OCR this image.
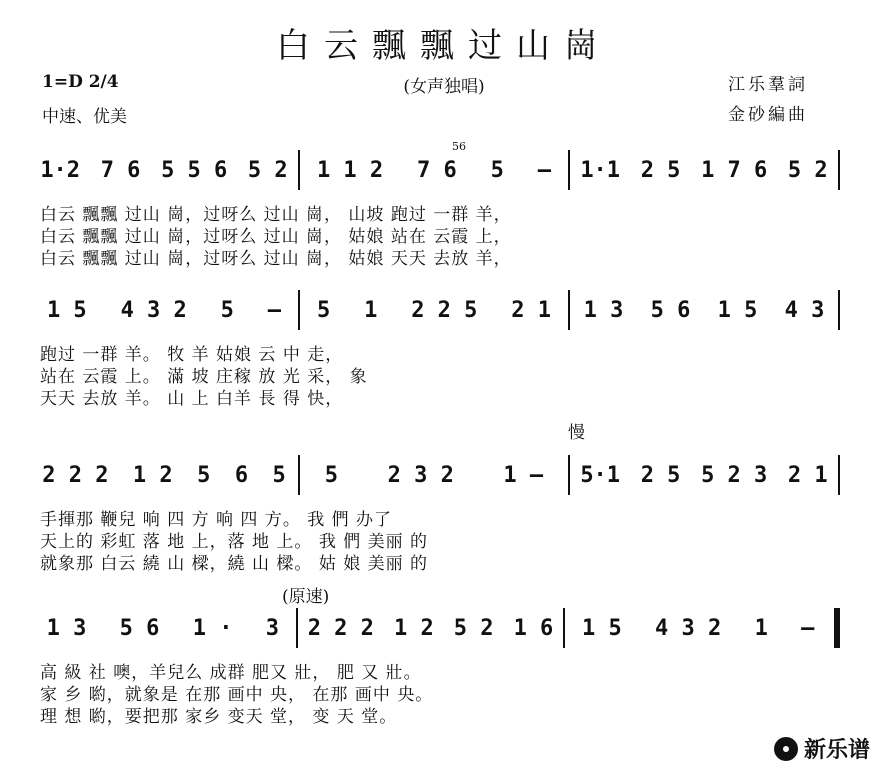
白云飄飄过山崗
(女声独唱)
1=D 2/4
中速、优美
江乐羣詞
金砂編曲
慢
(原速)
56
1·2 7 6 5 5 6 5 2 1 1 2 7 6 5 — 1·1 2 5 1 7 6 5 2
白云 飄飄 过山 崗，过呀么 过山 崗， 山坡 跑过 一群 羊，
白云 飄飄 过山 崗，过呀么 过山 崗， 姑娘 站在 云霞 上，
白云 飄飄 过山 崗，过呀么 过山 崗， 姑娘 天天 去放 羊，
1 5 4 3 2 5 — 5 1 2 2 5 2 1 1 3 5 6 1 5 4 3
跑过 一群 羊。 牧 羊 姑娘 云 中 走，
站在 云霞 上。 滿 坡 庄稼 放 光 采， 象
天天 去放 羊。 山 上 白羊 長 得 快，
2 2 2 1 2 5 6 5 5 2 3 2 1 — 5·1 2 5 5 2 3 2 1
手揮那 鞭兒 响 四 方 响 四 方。 我 們 办了
天上的 彩虹 落 地 上，落 地 上。 我 們 美丽 的
就象那 白云 繞 山 樑，繞 山 樑。 姑 娘 美丽 的
1 3 5 6 1 · 3 2 2 2 1 2 5 2 1 6 1 5 4 3 2 1 —
高 級 社 噢，羊兒么 成群 肥又 壯， 肥 又 壯。
家 乡 喲，就象是 在那 画中 央， 在那 画中 央。
理 想 喲，要把那 家乡 变天 堂， 变 天 堂。
新乐谱
